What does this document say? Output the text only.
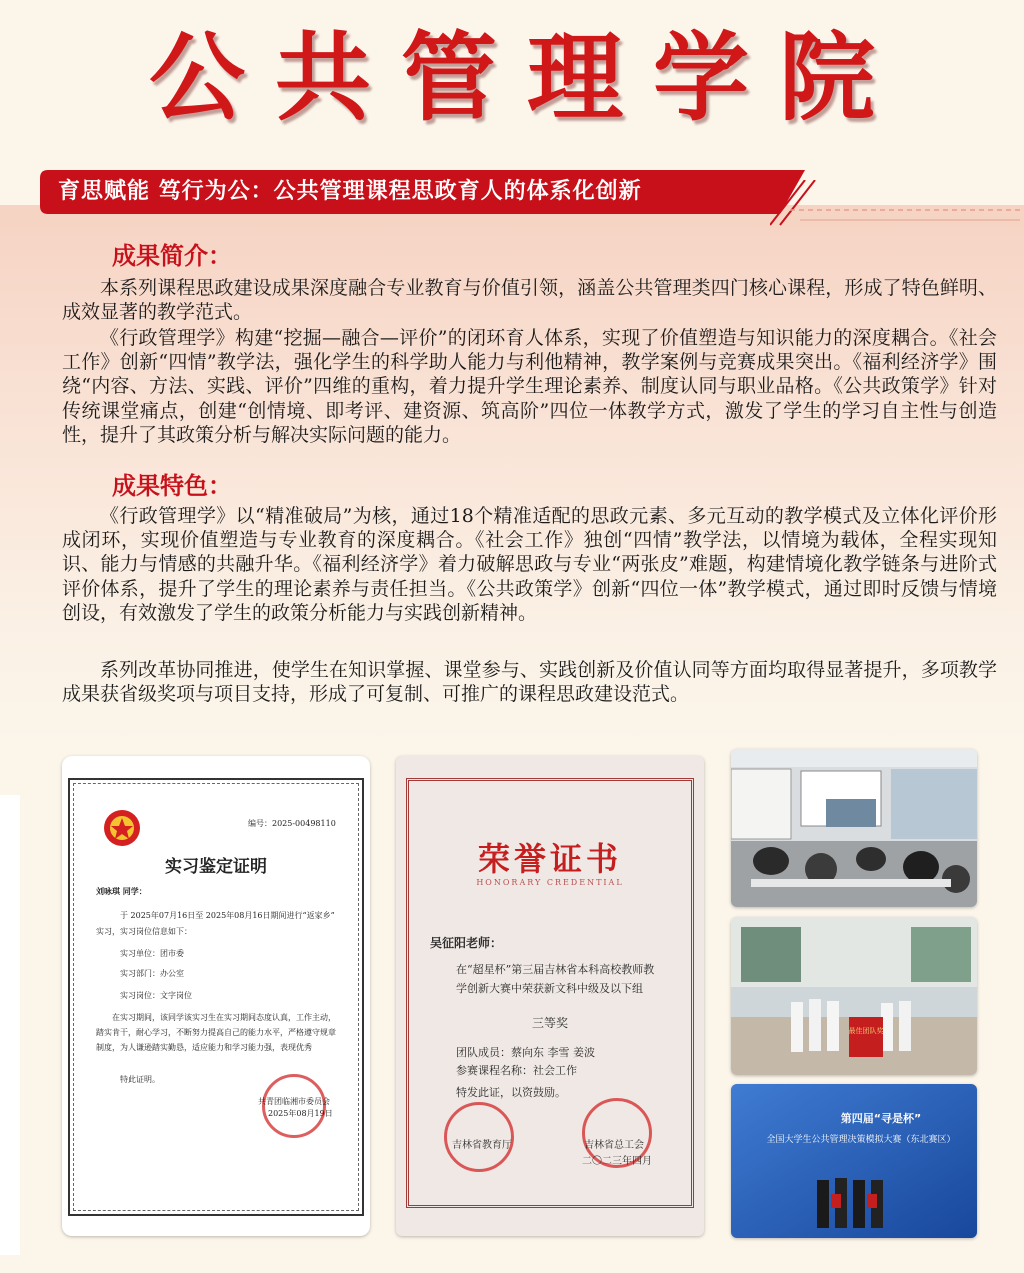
公共管理学院
育思赋能 笃行为公：公共管理课程思政育人的体系化创新
成果简介：
本系列课程思政建设成果深度融合专业教育与价值引领，涵盖公共管理类四门核心课程，形成了特色鲜明、成效显著的教学范式。
《行政管理学》构建“挖掘—融合—评价”的闭环育人体系，实现了价值塑造与知识能力的深度耦合。《社会工作》创新“四情”教学法，强化学生的科学助人能力与利他精神，教学案例与竞赛成果突出。《福利经济学》围绕“内容、方法、实践、评价”四维的重构，着力提升学生理论素养、制度认同与职业品格。《公共政策学》针对传统课堂痛点，创建“创情境、即考评、建资源、筑高阶”四位一体教学方式，激发了学生的学习自主性与创造性，提升了其政策分析与解决实际问题的能力。
成果特色：
《行政管理学》以“精准破局”为核，通过18个精准适配的思政元素、多元互动的教学模式及立体化评价形成闭环，实现价值塑造与专业教育的深度耦合。《社会工作》独创“四情”教学法，以情境为载体，全程实现知识、能力与情感的共融升华。《福利经济学》着力破解思政与专业“两张皮”难题，构建情境化教学链条与进阶式评价体系，提升了学生的理论素养与责任担当。《公共政策学》创新“四位一体”教学模式，通过即时反馈与情境创设，有效激发了学生的政策分析能力与实践创新精神。
系列改革协同推进，使学生在知识掌握、课堂参与、实践创新及价值认同等方面均取得显著提升，多项教学成果获省级奖项与项目支持，形成了可复制、可推广的课程思政建设范式。
编号：2025-00498110
实习鉴定证明
刘咏琪 同学：
于 2025年07月16日至 2025年08月16日期间进行“返家乡”
实习，实习岗位信息如下：
实习单位：团市委
实习部门：办公室
实习岗位：文字岗位
在实习期间，该同学该实习生在实习期间态度认真，工作主动，踏实肯干，耐心学习，不断努力提高自己的能力水平，严格遵守规章制度，为人谦逊踏实勤恳，适应能力和学习能力强，表现优秀
特此证明。
共青团临湘市委员会
2025年08月19日
荣誉证书
HONORARY CREDENTIAL
吴征阳老师：
在“超星杯”第三届吉林省本科高校教师教学创新大赛中荣获新文科中级及以下组
三等奖
团队成员：蔡向东 李雪 姜波
参赛课程名称：社会工作
特发此证，以资鼓励。
吉林省教育厅	吉林省总工会
二〇二三年四月
最佳团队奖
第四届“寻是杯”
全国大学生公共管理决策模拟大赛（东北赛区）
